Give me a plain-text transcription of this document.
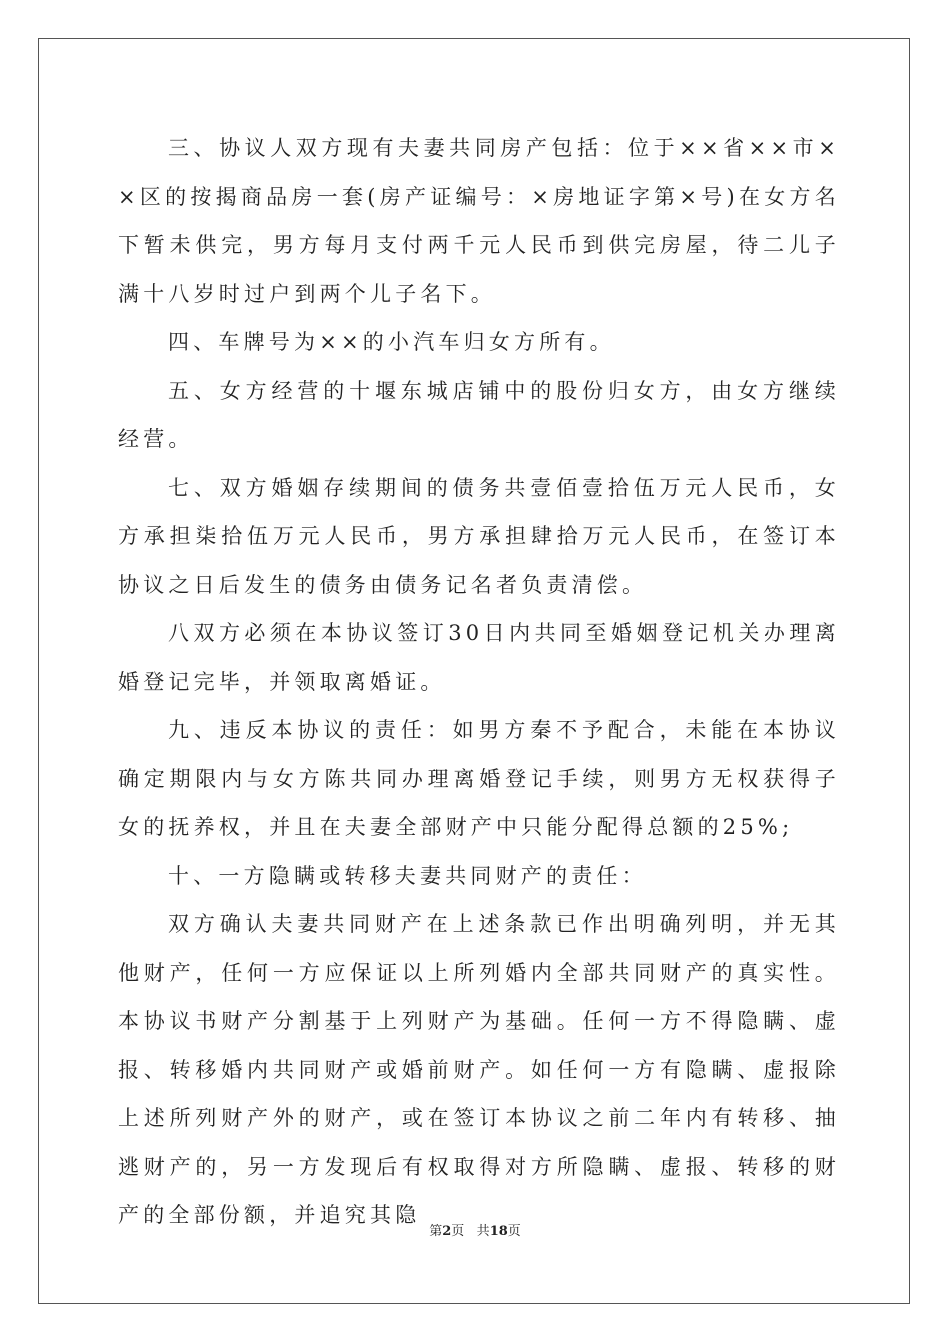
三、协议人双方现有夫妻共同房产包括：位于××省××市××区的按揭商品房一套(房产证编号：×房地证字第×号)在女方名下暂未供完，男方每月支付两千元人民币到供完房屋，待二儿子满十八岁时过户到两个儿子名下。

四、车牌号为××的小汽车归女方所有。

五、女方经营的十堰东城店铺中的股份归女方，由女方继续经营。

七、双方婚姻存续期间的债务共壹佰壹拾伍万元人民币，女方承担柒拾伍万元人民币，男方承担肆拾万元人民币，在签订本协议之日后发生的债务由债务记名者负责清偿。

八双方必须在本协议签订30日内共同至婚姻登记机关办理离婚登记完毕，并领取离婚证。

九、违反本协议的责任：如男方秦不予配合，未能在本协议确定期限内与女方陈共同办理离婚登记手续，则男方无权获得子女的抚养权，并且在夫妻全部财产中只能分配得总额的25%;

十、一方隐瞒或转移夫妻共同财产的责任：

双方确认夫妻共同财产在上述条款已作出明确列明，并无其他财产，任何一方应保证以上所列婚内全部共同财产的真实性。本协议书财产分割基于上列财产为基础。任何一方不得隐瞒、虚报、转移婚内共同财产或婚前财产。如任何一方有隐瞒、虚报除上述所列财产外的财产，或在签订本协议之前二年内有转移、抽逃财产的，另一方发现后有权取得对方所隐瞒、虚报、转移的财产的全部份额，并追究其隐

第2页 共18页
